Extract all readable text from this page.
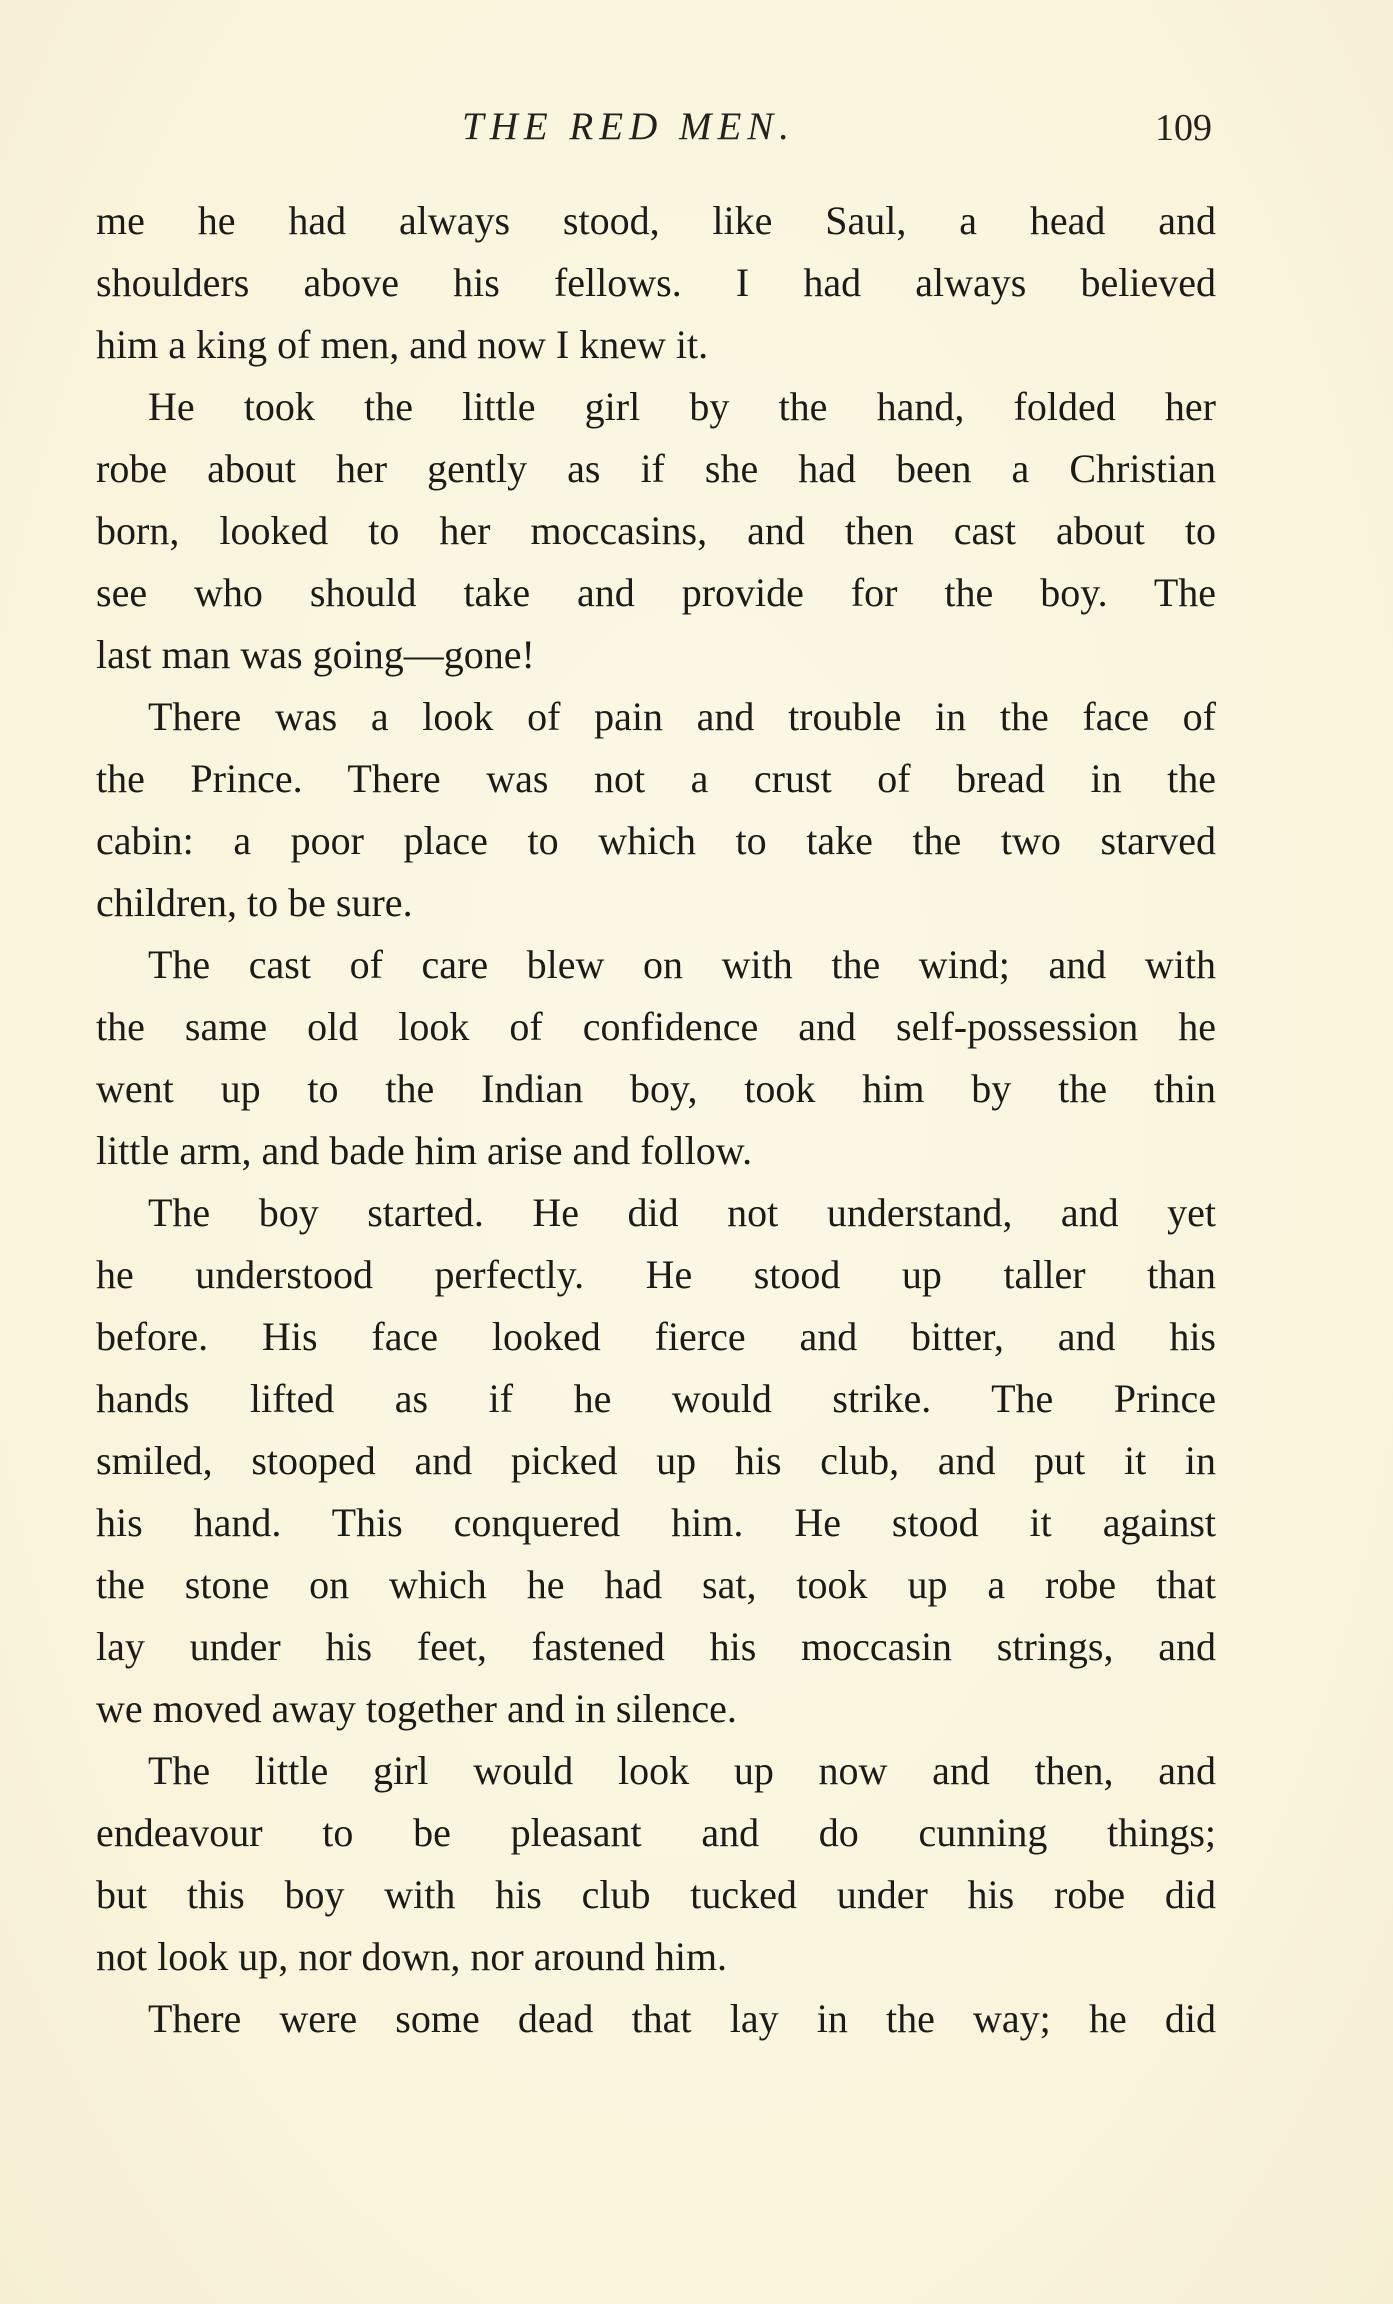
THE RED MEN.	109
me he had always stood, like Saul, a head and
shoulders above his fellows. I had always believed
him a king of men, and now I knew it.
He took the little girl by the hand, folded her
robe about her gently as if she had been a Christian
born, looked to her moccasins, and then cast about to
see who should take and provide for the boy. The
last man was going—gone!
There was a look of pain and trouble in the face of
the Prince. There was not a crust of bread in the
cabin: a poor place to which to take the two starved
children, to be sure.
The cast of care blew on with the wind; and with
the same old look of confidence and self-possession he
went up to the Indian boy, took him by the thin
little arm, and bade him arise and follow.
The boy started. He did not understand, and yet
he understood perfectly. He stood up taller than
before. His face looked fierce and bitter, and his
hands lifted as if he would strike. The Prince
smiled, stooped and picked up his club, and put it in
his hand. This conquered him. He stood it against
the stone on which he had sat, took up a robe that
lay under his feet, fastened his moccasin strings, and
we moved away together and in silence.
The little girl would look up now and then, and
endeavour to be pleasant and do cunning things;
but this boy with his club tucked under his robe did
not look up, nor down, nor around him.
There were some dead that lay in the way; he did
